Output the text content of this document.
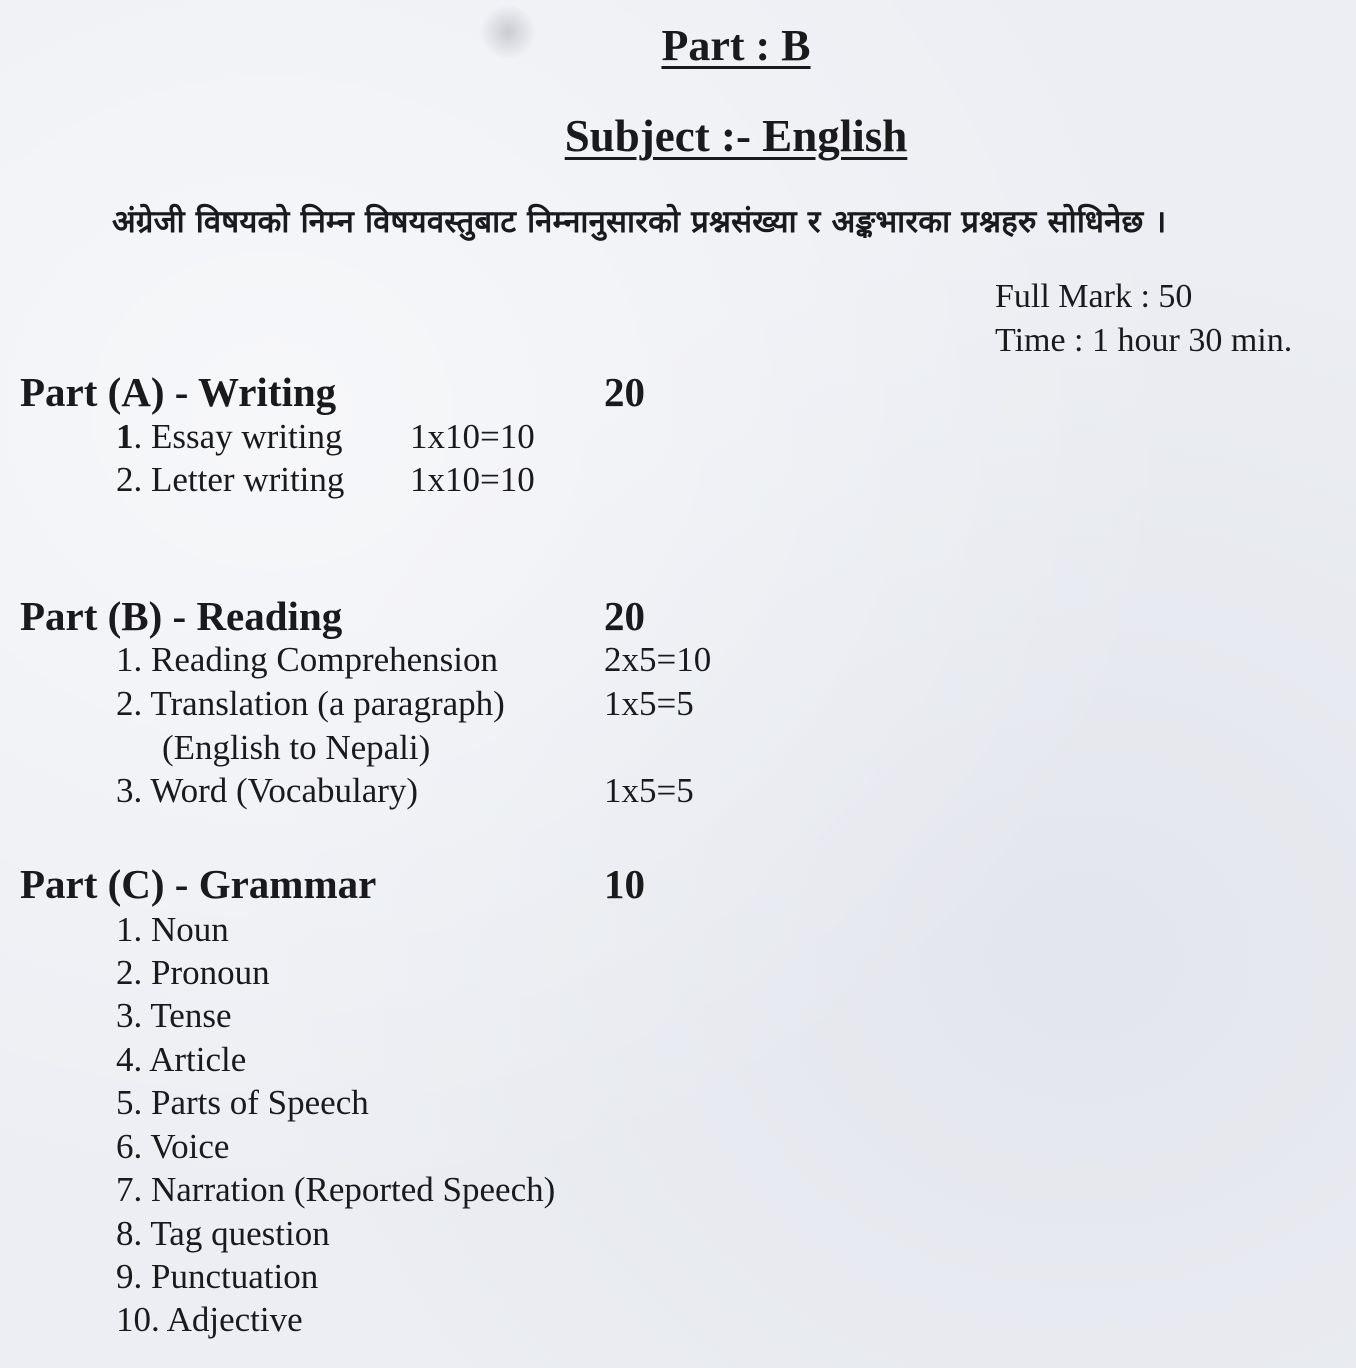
Part : B
Subject :- English
अंग्रेजी विषयको निम्न विषयवस्तुबाट निम्नानुसारको प्रश्नसंख्या र अङ्कभारका प्रश्नहरु सोधिनेछ ।
Full Mark : 50
Time : 1 hour 30 min.
Part (A) - Writing	20
1. Essay writing 1x10=10
2. Letter writing 1x10=10
Part (B) - Reading	20
1. Reading Comprehension	2x5=10
2. Translation (a paragraph)	1x5=5
(English to Nepali)
3. Word (Vocabulary)	1x5=5
Part (C) - Grammar	10
1. Noun
2. Pronoun
3. Tense
4. Article
5. Parts of Speech
6. Voice
7. Narration (Reported Speech)
8. Tag question
9. Punctuation
10. Adjective
